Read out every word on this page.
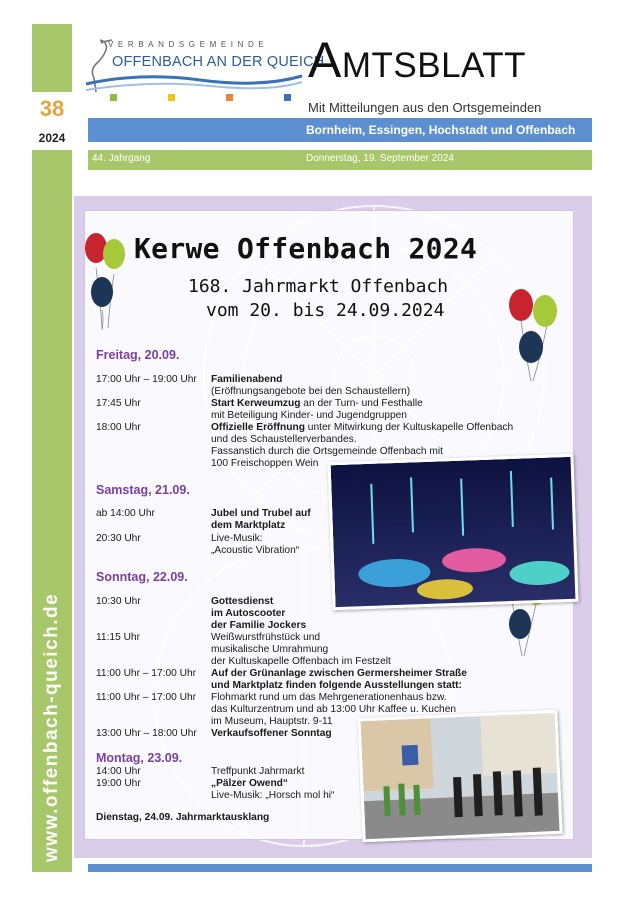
38
2024
VERBANDSGEMEINDE
OFFENBACH AN DER QUEICH
Amtsblatt
Mit Mitteilungen aus den Ortsgemeinden
Bornheim, Essingen, Hochstadt und Offenbach
44. Jahrgang	Donnerstag, 19. September 2024
Kerwe Offenbach 2024
168. Jahrmarkt Offenbach
vom 20. bis 24.09.2024
Freitag, 20.09.
17:00 Uhr – 19:00 Uhr Familienabend
(Eröffnungsangebote bei den Schaustellern)
17:45 Uhr	Start Kerweumzug an der Turn- und Festhalle
mit Beteiligung Kinder- und Jugendgruppen
18:00 Uhr	Offizielle Eröffnung unter Mitwirkung der Kultuskapelle Offenbach
und des Schaustellerverbandes.
Fassanstich durch die Ortsgemeinde Offenbach mit
100 Freischoppen Wein
Samstag, 21.09.
ab 14:00 Uhr	Jubel und Trubel auf
dem Marktplatz
20:30 Uhr	Live-Musik:
„Acoustic Vibration“
Sonntag, 22.09.
10:30 Uhr	Gottesdienst
im Autoscooter
der Familie Jockers
11:15 Uhr	Weißwurstfrühstück und
musikalische Umrahmung
der Kultuskapelle Offenbach im Festzelt
11:00 Uhr – 17:00 Uhr Auf der Grünanlage zwischen Germersheimer Straße
und Marktplatz finden folgende Ausstellungen statt:
11:00 Uhr – 17:00 Uhr Flohmarkt rund um das Mehrgenerationenhaus bzw.
das Kulturzentrum und ab 13:00 Uhr Kaffee u. Kuchen
im Museum, Hauptstr. 9-11
13:00 Uhr – 18:00 Uhr Verkaufsoffener Sonntag
Montag, 23.09.
14:00 Uhr	Treffpunkt Jahrmarkt
19:00 Uhr	„Pälzer Owend“
Live-Musik: „Horsch mol hi“
Dienstag, 24.09. Jahrmarktausklang
